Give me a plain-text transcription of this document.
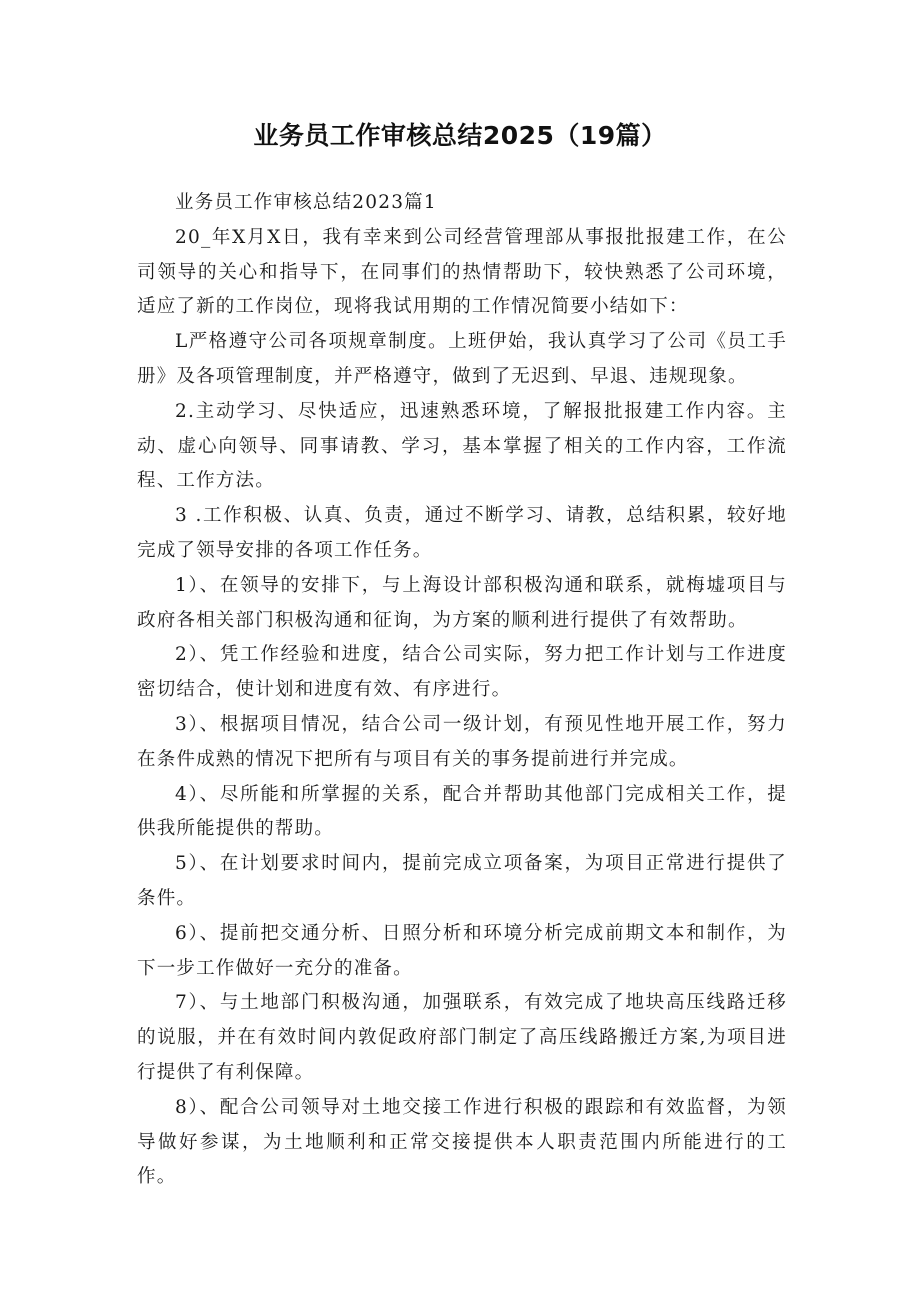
业务员工作审核总结2025（19篇）

业务员工作审核总结2023篇1

20_年X月X日，我有幸来到公司经营管理部从事报批报建工作，在公司领导的关心和指导下，在同事们的热情帮助下，较快熟悉了公司环境，适应了新的工作岗位，现将我试用期的工作情况简要小结如下：

L严格遵守公司各项规章制度。上班伊始，我认真学习了公司《员工手册》及各项管理制度，并严格遵守，做到了无迟到、早退、违规现象。

2.主动学习、尽快适应，迅速熟悉环境，了解报批报建工作内容。主动、虚心向领导、同事请教、学习，基本掌握了相关的工作内容，工作流程、工作方法。

3 .工作积极、认真、负责，通过不断学习、请教，总结积累，较好地完成了领导安排的各项工作任务。

1）、在领导的安排下，与上海设计部积极沟通和联系，就梅墟项目与政府各相关部门积极沟通和征询，为方案的顺利进行提供了有效帮助。

2）、凭工作经验和进度，结合公司实际，努力把工作计划与工作进度密切结合，使计划和进度有效、有序进行。

3）、根据项目情况，结合公司一级计划，有预见性地开展工作，努力在条件成熟的情况下把所有与项目有关的事务提前进行并完成。

4）、尽所能和所掌握的关系，配合并帮助其他部门完成相关工作，提供我所能提供的帮助。

5）、在计划要求时间内，提前完成立项备案，为项目正常进行提供了条件。

6）、提前把交通分析、日照分析和环境分析完成前期文本和制作，为下一步工作做好一充分的准备。

7）、与土地部门积极沟通，加强联系，有效完成了地块高压线路迁移的说服，并在有效时间内敦促政府部门制定了高压线路搬迁方案,为项目进行提供了有利保障。

8）、配合公司领导对土地交接工作进行积极的跟踪和有效监督，为领导做好参谋，为土地顺利和正常交接提供本人职责范围内所能进行的工作。
